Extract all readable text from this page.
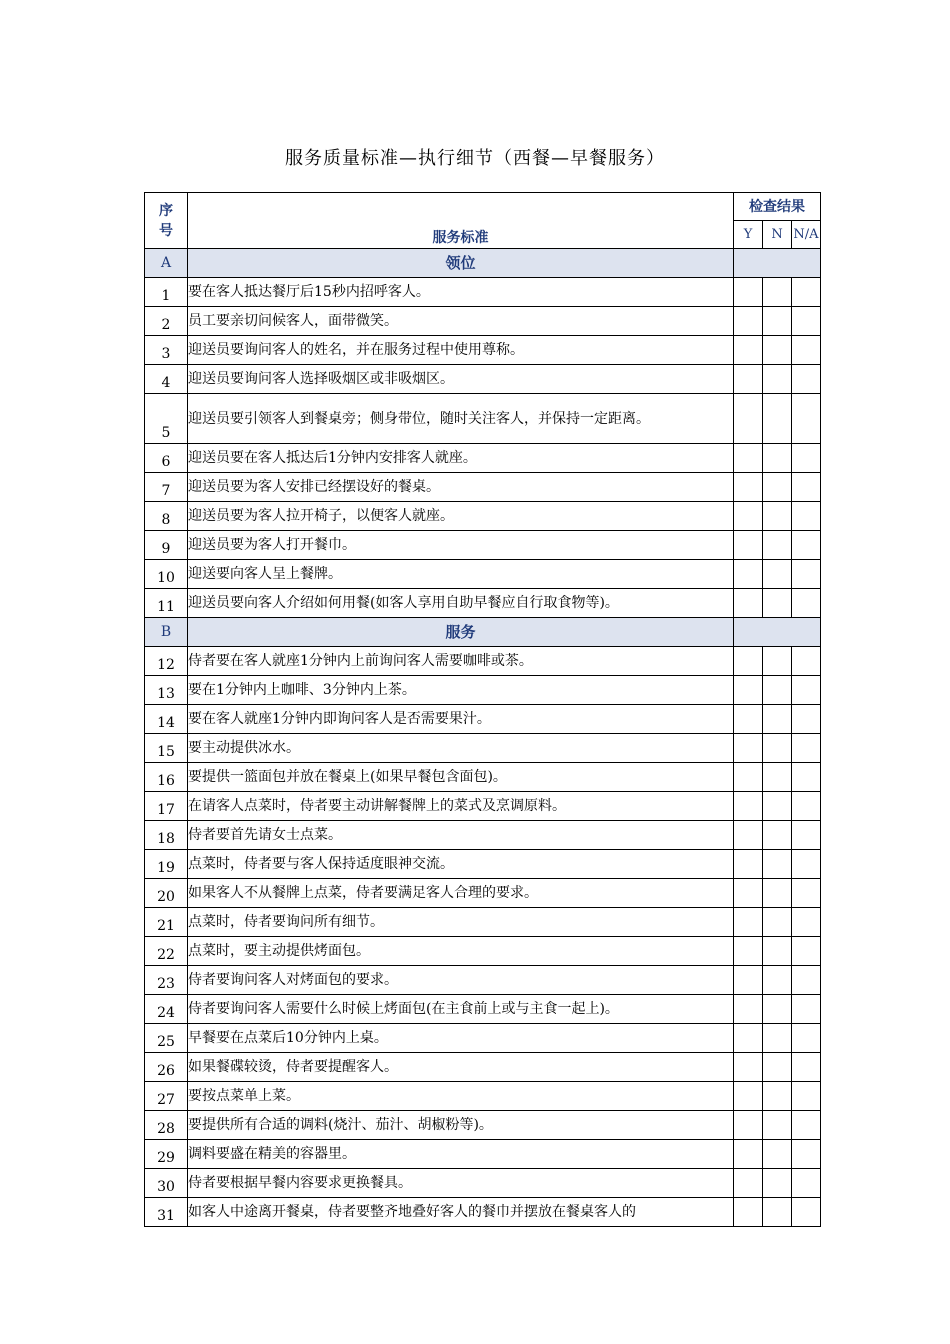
服务质量标准—执行细节（西餐—早餐服务）
序
号	服务标准	检查结果		
		Y	N	N/A
A	领位			
1	要在客人抵达餐厅后15秒内招呼客人。			
2	员工要亲切问候客人，面带微笑。			
3	迎送员要询问客人的姓名，并在服务过程中使用尊称。			
4	迎送员要询问客人选择吸烟区或非吸烟区。			
5	迎送员要引领客人到餐桌旁；侧身带位，随时关注客人，并保持一定距离。			
6	迎送员要在客人抵达后1分钟内安排客人就座。			
7	迎送员要为客人安排已经摆设好的餐桌。			
8	迎送员要为客人拉开椅子，以便客人就座。			
9	迎送员要为客人打开餐巾。			
10	迎送要向客人呈上餐牌。			
11	迎送员要向客人介绍如何用餐(如客人享用自助早餐应自行取食物等)。			
B	服务			
12	侍者要在客人就座1分钟内上前询问客人需要咖啡或茶。			
13	要在1分钟内上咖啡、3分钟内上茶。			
14	要在客人就座1分钟内即询问客人是否需要果汁。			
15	要主动提供冰水。			
16	要提供一篮面包并放在餐桌上(如果早餐包含面包)。			
17	在请客人点菜时，侍者要主动讲解餐牌上的菜式及烹调原料。			
18	侍者要首先请女士点菜。			
19	点菜时，侍者要与客人保持适度眼神交流。			
20	如果客人不从餐牌上点菜，侍者要满足客人合理的要求。			
21	点菜时，侍者要询问所有细节。			
22	点菜时，要主动提供烤面包。			
23	侍者要询问客人对烤面包的要求。			
24	侍者要询问客人需要什么时候上烤面包(在主食前上或与主食一起上)。			
25	早餐要在点菜后10分钟内上桌。			
26	如果餐碟较烫，侍者要提醒客人。			
27	要按点菜单上菜。			
28	要提供所有合适的调料(烧汁、茄汁、胡椒粉等)。			
29	调料要盛在精美的容器里。			
30	侍者要根据早餐内容要求更换餐具。			
31	如客人中途离开餐桌，侍者要整齐地叠好客人的餐巾并摆放在餐桌客人的			
